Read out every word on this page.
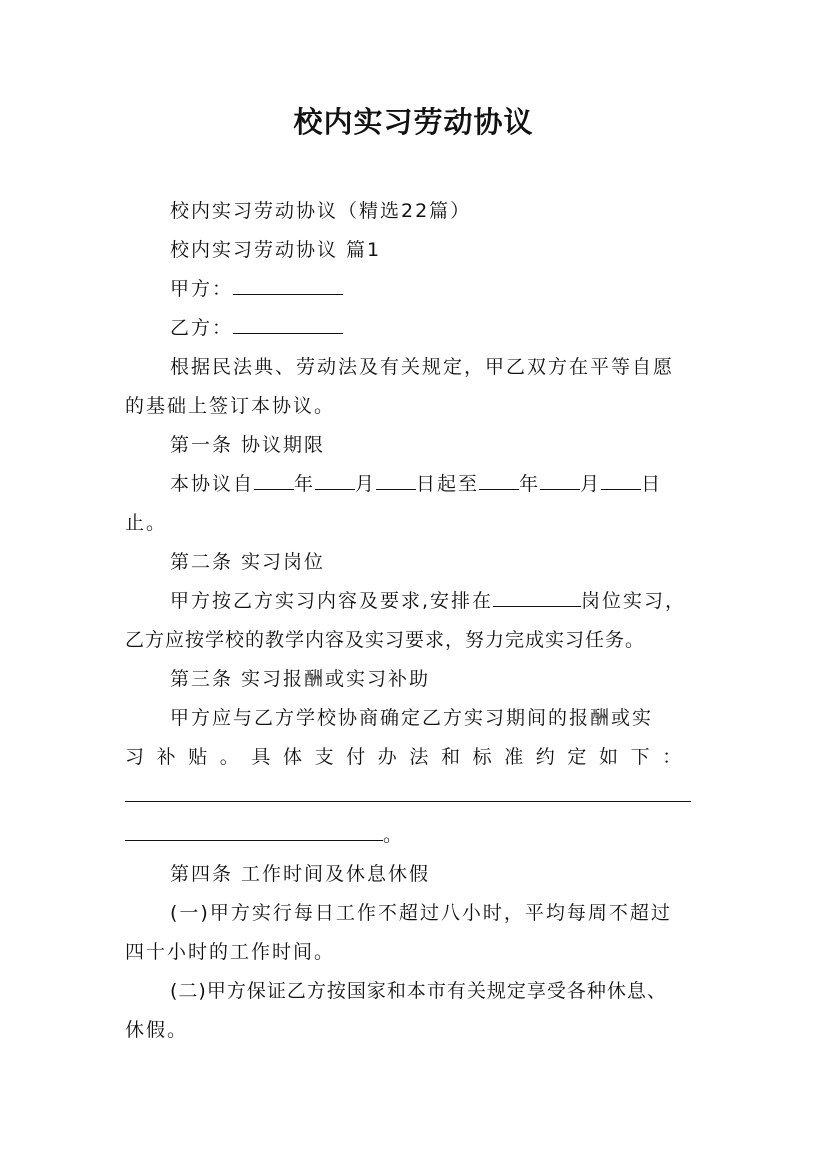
校内实习劳动协议
校内实习劳动协议（精选22篇）
校内实习劳动协议 篇1
甲方：
乙方：
根据民法典、劳动法及有关规定，甲乙双方在平等自愿
的基础上签订本协议。
第一条 协议期限
本协议自 年 月 日起至 年 月 日
止。
第二条 实习岗位
甲方按乙方实习内容及要求,安排在	岗位实习，
乙方应按学校的教学内容及实习要求，努力完成实习任务。
第三条 实习报酬或实习补助
甲方应与乙方学校协商确定乙方实习期间的报酬或实
习补贴。具体支付办法和标准约定如下：
。
第四条 工作时间及休息休假
(一)甲方实行每日工作不超过八小时，平均每周不超过
四十小时的工作时间。
(二)甲方保证乙方按国家和本市有关规定享受各种休息、
休假。
